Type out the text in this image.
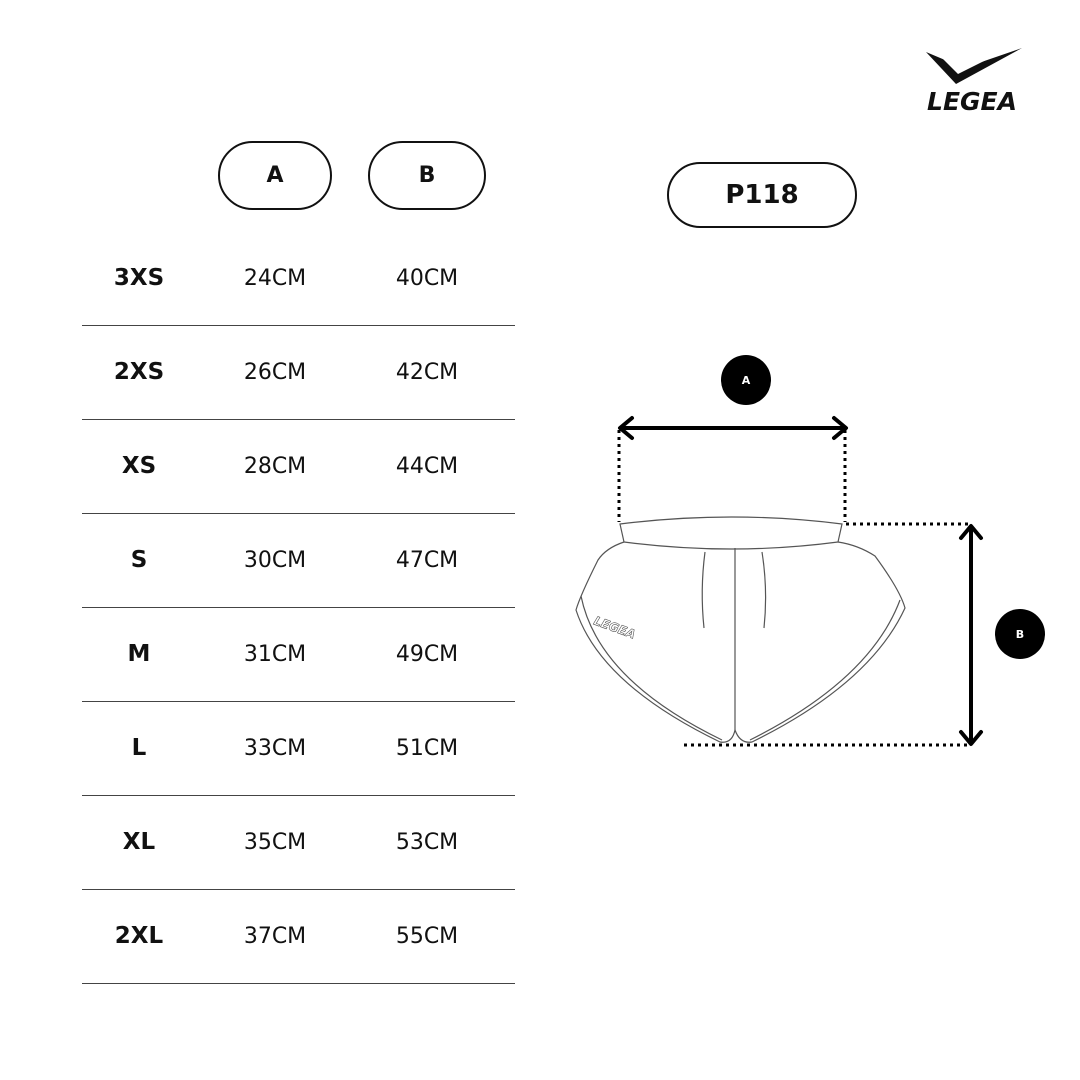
LEGEA
A	B
P118
3XS	24CM	40CM
2XS	26CM	42CM
XS	28CM	44CM
S	30CM	47CM
M	31CM	49CM
L	33CM	51CM
XL	35CM	53CM
2XL	37CM	55CM
LEGEA
A
B
